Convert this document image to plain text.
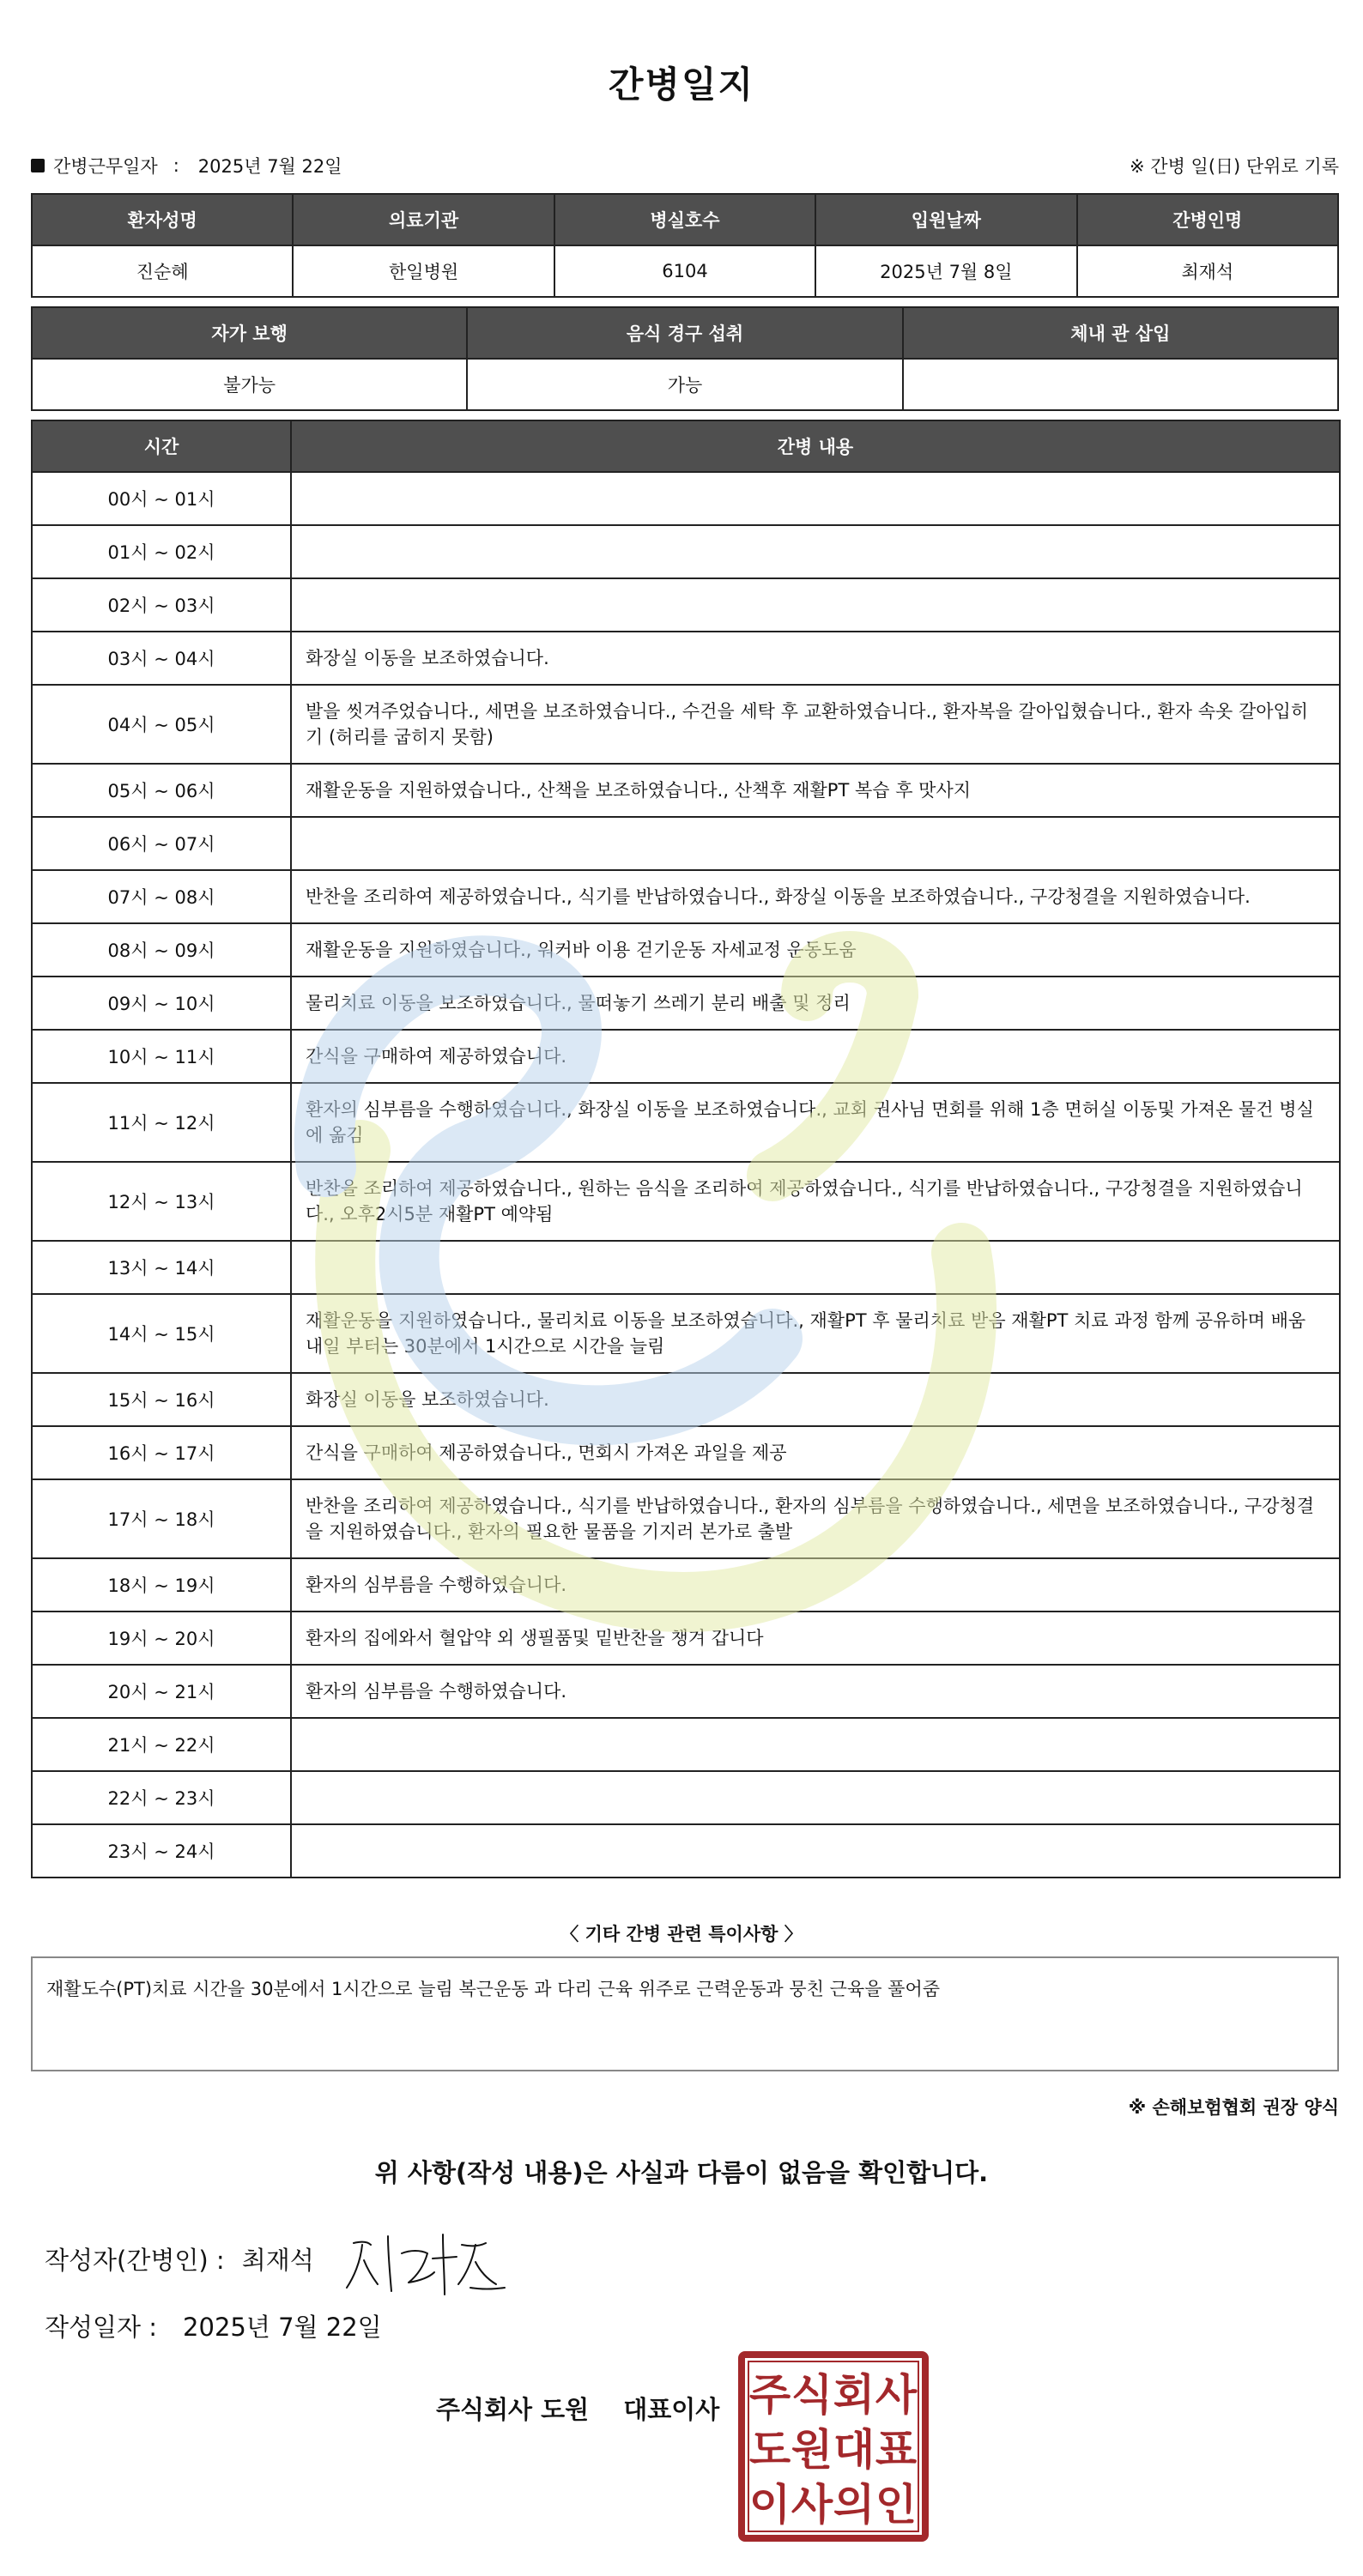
간병일지
간병근무일자 : 2025년 7월 22일	※ 간병 일(日) 단위로 기록
환자성명	의료기관	병실호수	입원날짜	간병인명
진순혜	한일병원	6104	2025년 7월 8일	최재석
자가 보행	음식 경구 섭취	체내 관 삽입
불가능	가능	
시간	간병 내용
00시 ~ 01시	
01시 ~ 02시	
02시 ~ 03시	
03시 ~ 04시	화장실 이동을 보조하였습니다.
04시 ~ 05시	발을 씻겨주었습니다., 세면을 보조하였습니다., 수건을 세탁 후 교환하였습니다., 환자복을 갈아입혔습니다., 환자 속옷 갈아입히기 (허리를 굽히지 못함)
05시 ~ 06시	재활운동을 지원하였습니다., 산책을 보조하였습니다., 산책후 재활PT 복습 후 맛사지
06시 ~ 07시	
07시 ~ 08시	반찬을 조리하여 제공하였습니다., 식기를 반납하였습니다., 화장실 이동을 보조하였습니다., 구강청결을 지원하였습니다.
08시 ~ 09시	재활운동을 지원하였습니다., 워커바 이용 걷기운동 자세교정 운동도움
09시 ~ 10시	물리치료 이동을 보조하였습니다., 물떠놓기 쓰레기 분리 배출 및 정리
10시 ~ 11시	간식을 구매하여 제공하였습니다.
11시 ~ 12시	환자의 심부름을 수행하였습니다., 화장실 이동을 보조하였습니다., 교회 권사님 면회를 위해 1층 면허실 이동및 가져온 물건 병실에 옮김
12시 ~ 13시	반찬을 조리하여 제공하였습니다., 원하는 음식을 조리하여 제공하였습니다., 식기를 반납하였습니다., 구강청결을 지원하였습니다., 오후2시5분 재활PT 예약됨
13시 ~ 14시	
14시 ~ 15시	재활운동을 지원하였습니다., 물리치료 이동을 보조하였습니다., 재활PT 후 물리치료 받음 재활PT 치료 과정 함께 공유하며 배움 내일 부터는 30분에서 1시간으로 시간을 늘림
15시 ~ 16시	화장실 이동을 보조하였습니다.
16시 ~ 17시	간식을 구매하여 제공하였습니다., 면회시 가져온 과일을 제공
17시 ~ 18시	반찬을 조리하여 제공하였습니다., 식기를 반납하였습니다., 환자의 심부름을 수행하였습니다., 세면을 보조하였습니다., 구강청결을 지원하였습니다., 환자의 필요한 물품을 기지러 본가로 출발
18시 ~ 19시	환자의 심부름을 수행하였습니다.
19시 ~ 20시	환자의 집에와서 혈압약 외 생필품및 밑반찬을 챙겨 갑니다
20시 ~ 21시	환자의 심부름을 수행하였습니다.
21시 ~ 22시	
22시 ~ 23시	
23시 ~ 24시	
〈 기타 간병 관련 특이사항 〉
재활도수(PT)치료 시간을 30분에서 1시간으로 늘림 복근운동 과 다리 근육 위주로 근력운동과 뭉친 근육을 풀어줌
※ 손해보험협회 권장 양식
위 사항(작성 내용)은 사실과 다름이 없음을 확인합니다.
작성자(간병인) : 최재석
작성일자 : 2025년 7월 22일
주식회사 도원 대표이사 주 식 회 사
도 원 대 표
이 사 의 인
